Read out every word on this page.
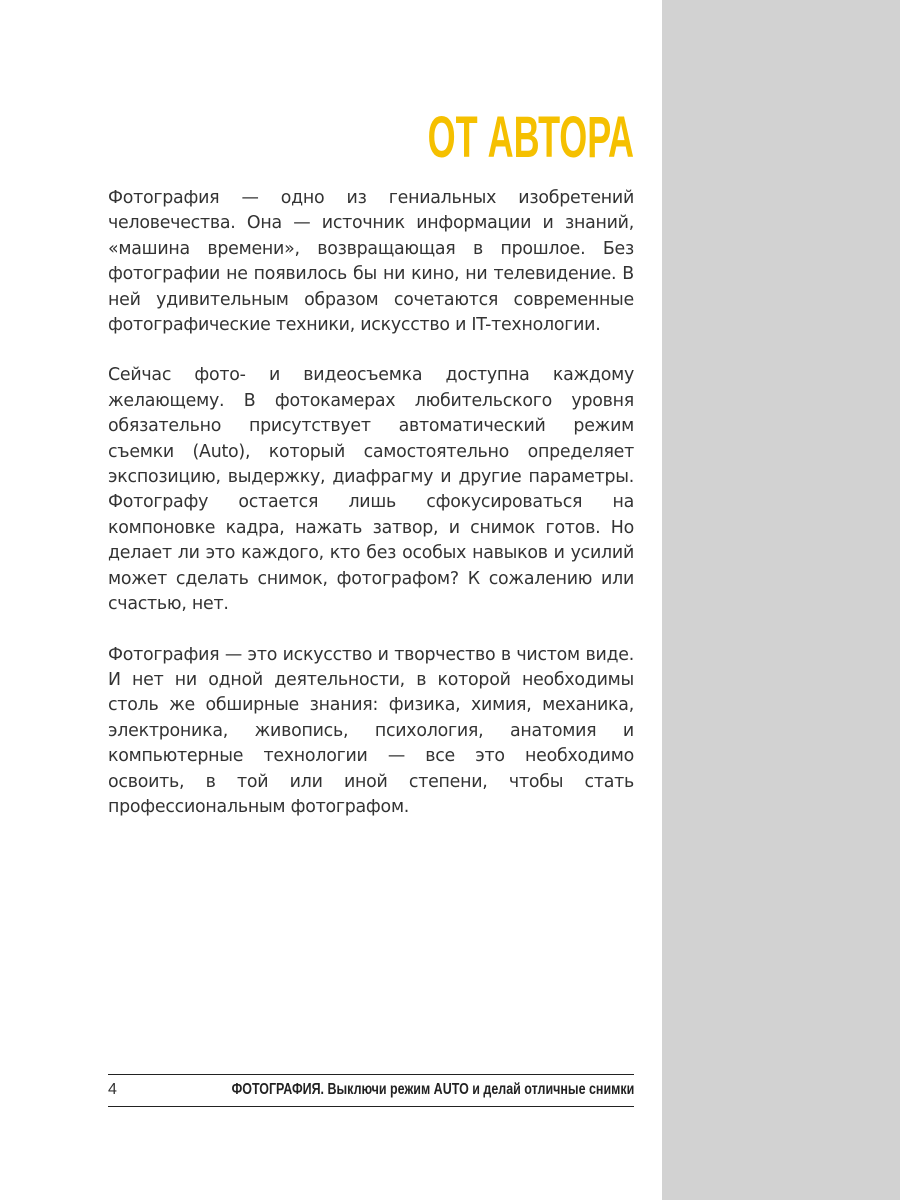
ОТ АВТОРА

Фотография — одно из гениальных изобретений человечества. Она — источник информации и знаний, «машина времени», возвращающая в прошлое. Без фотографии не появилось бы ни кино, ни телевидение. В ней удивительным образом сочетаются современные фотографические техники, искусство и IT-технологии.

Сейчас фото- и видеосъемка доступна каждому желающему. В фотокамерах любительского уровня обязательно присутствует автоматический режим съемки (Auto), который самостоятельно определяет экспозицию, выдержку, диафрагму и другие параметры. Фотографу остается лишь сфокусироваться на компоновке кадра, нажать затвор, и снимок готов. Но делает ли это каждого, кто без особых навыков и усилий может сделать снимок, фотографом? К сожалению или счастью, нет.

Фотография — это искусство и творчество в чистом виде. И нет ни одной деятельности, в которой необходимы столь же обширные знания: физика, химия, механика, электроника, живопись, психология, анатомия и компьютерные технологии — все это необходимо освоить, в той или иной степени, чтобы стать профессиональным фотографом.

4	ФОТОГРАФИЯ. Выключи режим AUTO и делай отличные снимки
